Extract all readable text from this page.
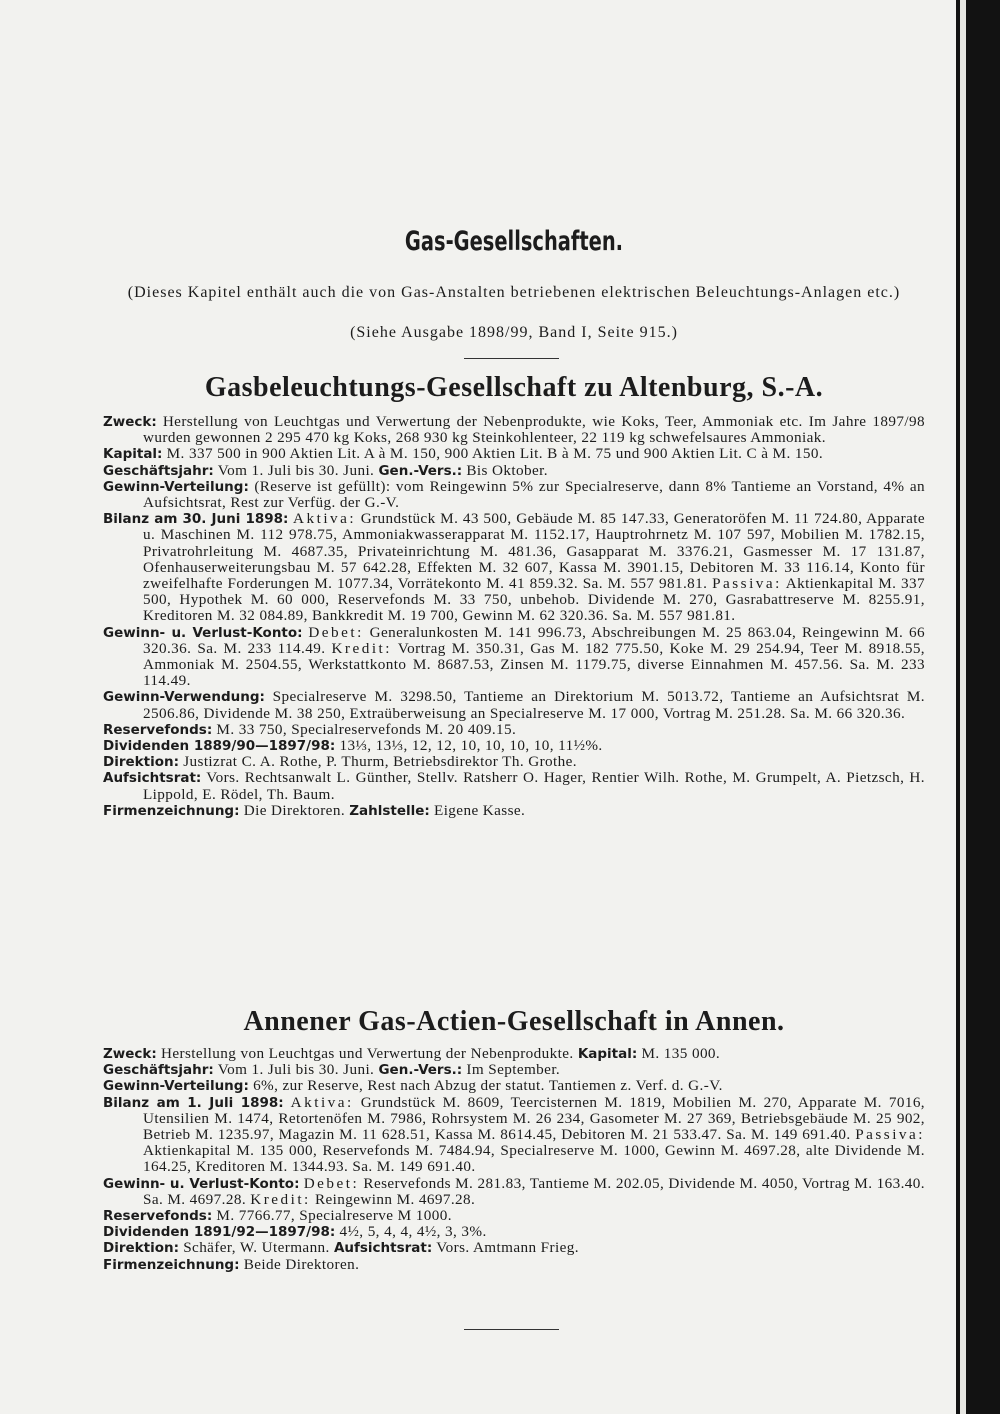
Gas-Gesellschaften.
(Dieses Kapitel enthält auch die von Gas-Anstalten betriebenen elektrischen Beleuchtungs-Anlagen etc.)
(Siehe Ausgabe 1898/99, Band I, Seite 915.)
Gasbeleuchtungs-Gesellschaft zu Altenburg, S.-A.

Zweck: Herstellung von Leuchtgas und Verwertung der Nebenprodukte, wie Koks, Teer, Ammoniak etc. Im Jahre 1897/98 wurden gewonnen 2 295 470 kg Koks, 268 930 kg Steinkohlenteer, 22 119 kg schwefelsaures Ammoniak.

Kapital: M. 337 500 in 900 Aktien Lit. A à M. 150, 900 Aktien Lit. B à M. 75 und 900 Aktien Lit. C à M. 150.

Geschäftsjahr: Vom 1. Juli bis 30. Juni. Gen.-Vers.: Bis Oktober.

Gewinn-Verteilung: (Reserve ist gefüllt): vom Reingewinn 5% zur Specialreserve, dann 8% Tantieme an Vorstand, 4% an Aufsichtsrat, Rest zur Verfüg. der G.-V.

Bilanz am 30. Juni 1898: Aktiva: Grundstück M. 43 500, Gebäude M. 85 147.33, Generatoröfen M. 11 724.80, Apparate u. Maschinen M. 112 978.75, Ammoniakwasserapparat M. 1152.17, Hauptrohrnetz M. 107 597, Mobilien M. 1782.15, Privatrohrleitung M. 4687.35, Privateinrichtung M. 481.36, Gasapparat M. 3376.21, Gasmesser M. 17 131.87, Ofenhauserweiterungsbau M. 57 642.28, Effekten M. 32 607, Kassa M. 3901.15, Debitoren M. 33 116.14, Konto für zweifelhafte Forderungen M. 1077.34, Vorrätekonto M. 41 859.32. Sa. M. 557 981.81. Passiva: Aktienkapital M. 337 500, Hypothek M. 60 000, Reservefonds M. 33 750, unbehob. Dividende M. 270, Gasrabattreserve M. 8255.91, Kreditoren M. 32 084.89, Bankkredit M. 19 700, Gewinn M. 62 320.36. Sa. M. 557 981.81.

Gewinn- u. Verlust-Konto: Debet: Generalunkosten M. 141 996.73, Abschreibungen M. 25 863.04, Reingewinn M. 66 320.36. Sa. M. 233 114.49. Kredit: Vortrag M. 350.31, Gas M. 182 775.50, Koke M. 29 254.94, Teer M. 8918.55, Ammoniak M. 2504.55, Werkstattkonto M. 8687.53, Zinsen M. 1179.75, diverse Einnahmen M. 457.56. Sa. M. 233 114.49.

Gewinn-Verwendung: Specialreserve M. 3298.50, Tantieme an Direktorium M. 5013.72, Tantieme an Aufsichtsrat M. 2506.86, Dividende M. 38 250, Extraüberweisung an Specialreserve M. 17 000, Vortrag M. 251.28. Sa. M. 66 320.36.

Reservefonds: M. 33 750, Specialreservefonds M. 20 409.15.

Dividenden 1889/90—1897/98: 13⅓, 13⅓, 12, 12, 10, 10, 10, 10, 11½%.

Direktion: Justizrat C. A. Rothe, P. Thurm, Betriebsdirektor Th. Grothe.

Aufsichtsrat: Vors. Rechtsanwalt L. Günther, Stellv. Ratsherr O. Hager, Rentier Wilh. Rothe, M. Grumpelt, A. Pietzsch, H. Lippold, E. Rödel, Th. Baum.

Firmenzeichnung: Die Direktoren. Zahlstelle: Eigene Kasse.

Annener Gas-Actien-Gesellschaft in Annen.

Zweck: Herstellung von Leuchtgas und Verwertung der Nebenprodukte. Kapital: M. 135 000.

Geschäftsjahr: Vom 1. Juli bis 30. Juni. Gen.-Vers.: Im September.

Gewinn-Verteilung: 6%, zur Reserve, Rest nach Abzug der statut. Tantiemen z. Verf. d. G.-V.

Bilanz am 1. Juli 1898: Aktiva: Grundstück M. 8609, Teercisternen M. 1819, Mobilien M. 270, Apparate M. 7016, Utensilien M. 1474, Retortenöfen M. 7986, Rohrsystem M. 26 234, Gasometer M. 27 369, Betriebsgebäude M. 25 902, Betrieb M. 1235.97, Magazin M. 11 628.51, Kassa M. 8614.45, Debitoren M. 21 533.47. Sa. M. 149 691.40. Passiva: Aktienkapital M. 135 000, Reservefonds M. 7484.94, Specialreserve M. 1000, Gewinn M. 4697.28, alte Dividende M. 164.25, Kreditoren M. 1344.93. Sa. M. 149 691.40.

Gewinn- u. Verlust-Konto: Debet: Reservefonds M. 281.83, Tantieme M. 202.05, Dividende M. 4050, Vortrag M. 163.40. Sa. M. 4697.28. Kredit: Reingewinn M. 4697.28.

Reservefonds: M. 7766.77, Specialreserve M 1000.

Dividenden 1891/92—1897/98: 4½, 5, 4, 4, 4½, 3, 3%.

Direktion: Schäfer, W. Utermann. Aufsichtsrat: Vors. Amtmann Frieg.

Firmenzeichnung: Beide Direktoren.
